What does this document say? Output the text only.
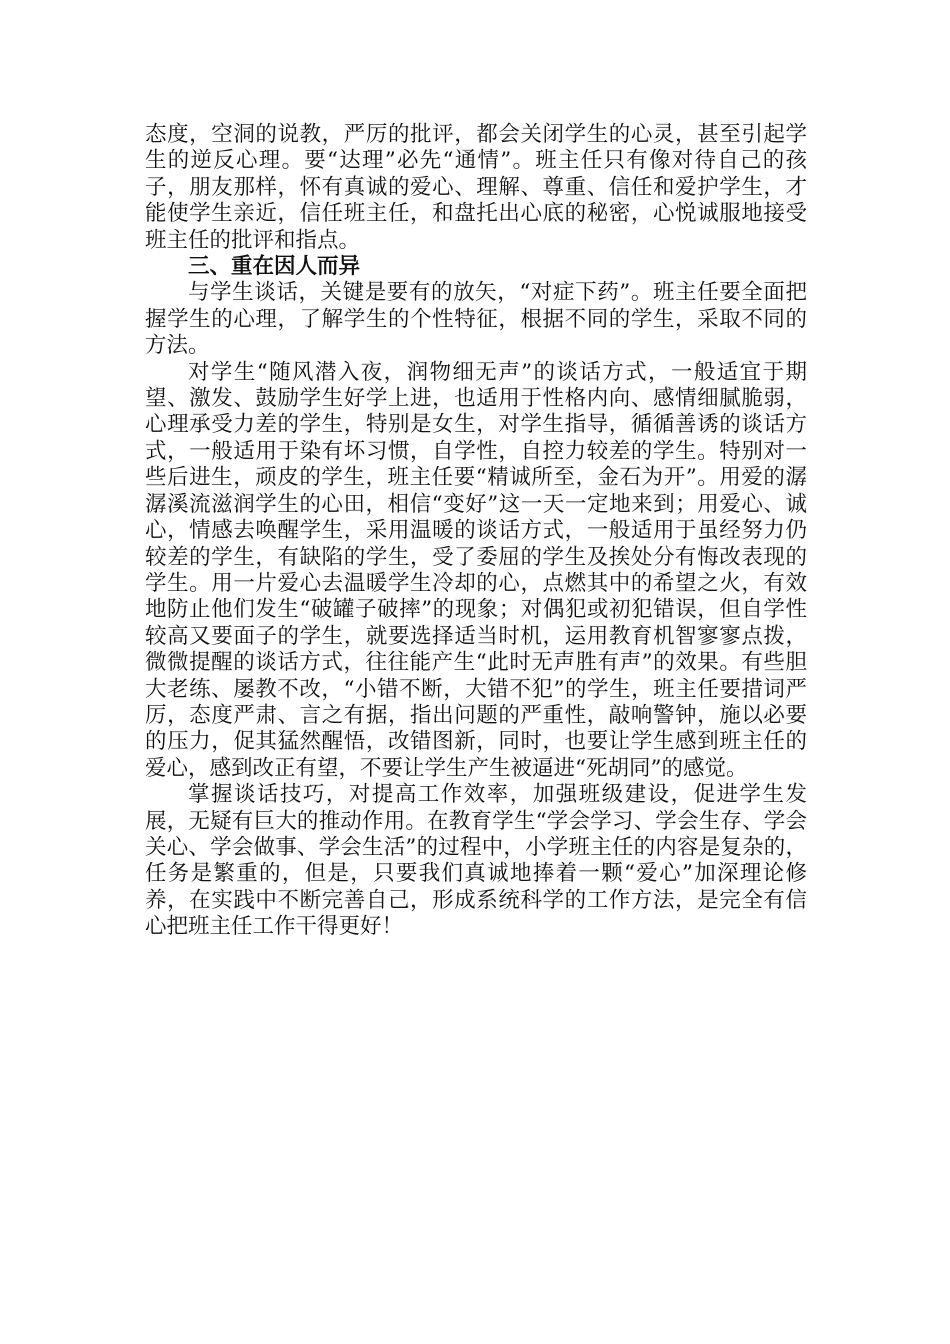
态度，空洞的说教，严厉的批评，都会关闭学生的心灵，甚至引起学生的逆反心理。要“达理”必先“通情”。班主任只有像对待自己的孩子，朋友那样，怀有真诚的爱心、理解、尊重、信任和爱护学生，才能使学生亲近，信任班主任，和盘托出心底的秘密，心悦诚服地接受班主任的批评和指点。

三、重在因人而异

与学生谈话，关键是要有的放矢，“对症下药”。班主任要全面把握学生的心理，了解学生的个性特征，根据不同的学生，采取不同的方法。

对学生“随风潜入夜，润物细无声”的谈话方式，一般适宜于期望、激发、鼓励学生好学上进，也适用于性格内向、感情细腻脆弱，心理承受力差的学生，特别是女生，对学生指导，循循善诱的谈话方式，一般适用于染有坏习惯，自学性，自控力较差的学生。特别对一些后进生，顽皮的学生，班主任要“精诚所至，金石为开”。用爱的潺潺溪流滋润学生的心田，相信“变好”这一天一定地来到；用爱心、诚心，情感去唤醒学生，采用温暖的谈话方式，一般适用于虽经努力仍较差的学生，有缺陷的学生，受了委屈的学生及挨处分有悔改表现的学生。用一片爱心去温暖学生冷却的心，点燃其中的希望之火，有效地防止他们发生“破罐子破摔”的现象；对偶犯或初犯错误，但自学性较高又要面子的学生，就要选择适当时机，运用教育机智寥寥点拨，微微提醒的谈话方式，往往能产生“此时无声胜有声”的效果。有些胆大老练、屡教不改，“小错不断，大错不犯”的学生，班主任要措词严厉，态度严肃、言之有据，指出问题的严重性，敲响警钟，施以必要的压力，促其猛然醒悟，改错图新，同时，也要让学生感到班主任的爱心，感到改正有望，不要让学生产生被逼进“死胡同”的感觉。

掌握谈话技巧，对提高工作效率，加强班级建设，促进学生发展，无疑有巨大的推动作用。在教育学生“学会学习、学会生存、学会关心、学会做事、学会生活”的过程中，小学班主任的内容是复杂的，任务是繁重的，但是，只要我们真诚地捧着一颗“爱心”加深理论修养，在实践中不断完善自己，形成系统科学的工作方法，是完全有信心把班主任工作干得更好！
